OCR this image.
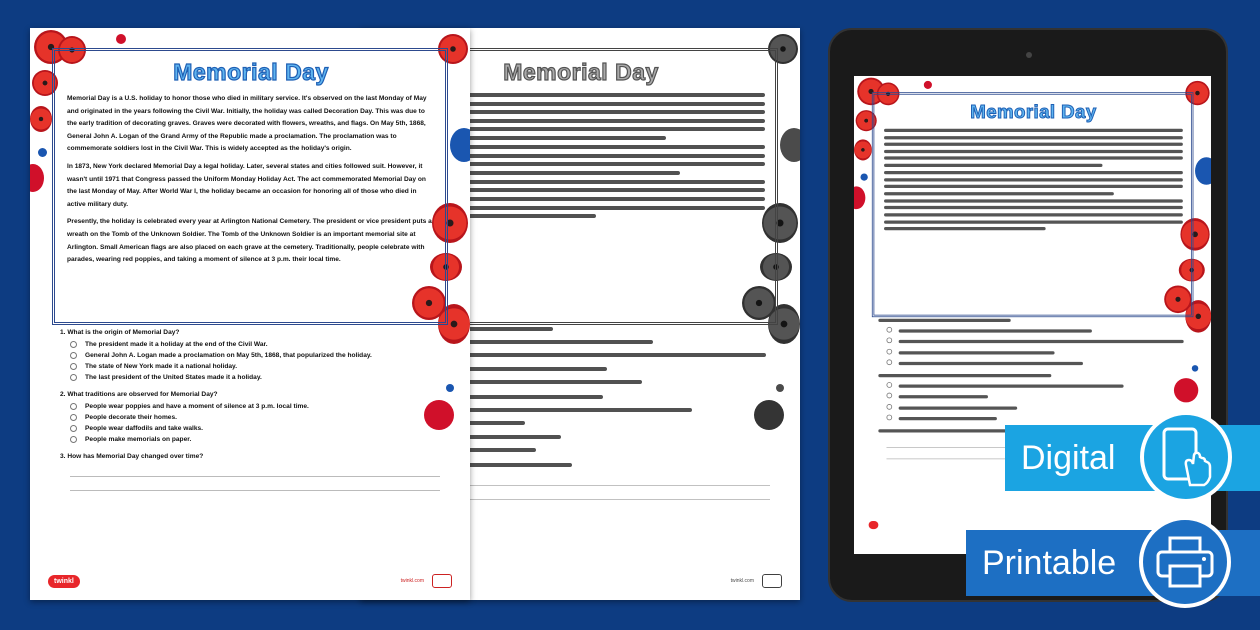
Memorial Day

twinkl.com
Memorial Day

Memorial Day is a U.S. holiday to honor those who died in military service. It's observed on the last Monday of May and originated in the years following the Civil War. Initially, the holiday was called Decoration Day. This was due to the early tradition of decorating graves. Graves were decorated with flowers, wreaths, and flags. On May 5th, 1868, General John A. Logan of the Grand Army of the Republic made a proclamation. The proclamation was to commemorate soldiers lost in the Civil War. This is widely accepted as the holiday's origin.

In 1873, New York declared Memorial Day a legal holiday. Later, several states and cities followed suit. However, it wasn't until 1971 that Congress passed the Uniform Monday Holiday Act. The act commemorated Memorial Day on the last Monday of May. After World War I, the holiday became an occasion for honoring all of those who died in active military duty.

Presently, the holiday is celebrated every year at Arlington National Cemetery. The president or vice president puts a wreath on the Tomb of the Unknown Soldier. The Tomb of the Unknown Soldier is an important memorial site at Arlington. Small American flags are also placed on each grave at the cemetery. Traditionally, people celebrate with parades, wearing red poppies, and taking a moment of silence at 3 p.m. their local time.

1. What is the origin of Memorial Day?
The president made it a holiday at the end of the Civil War.
General John A. Logan made a proclamation on May 5th, 1868, that popularized the holiday.
The state of New York made it a national holiday.
The last president of the United States made it a holiday.
2. What traditions are observed for Memorial Day?
People wear poppies and have a moment of silence at 3 p.m. local time.
People decorate their homes.
People wear daffodils and take walks.
People make memorials on paper.
3. How has Memorial Day changed over time?
twinkl	twinkl.com
Memorial Day

Digital
Printable
